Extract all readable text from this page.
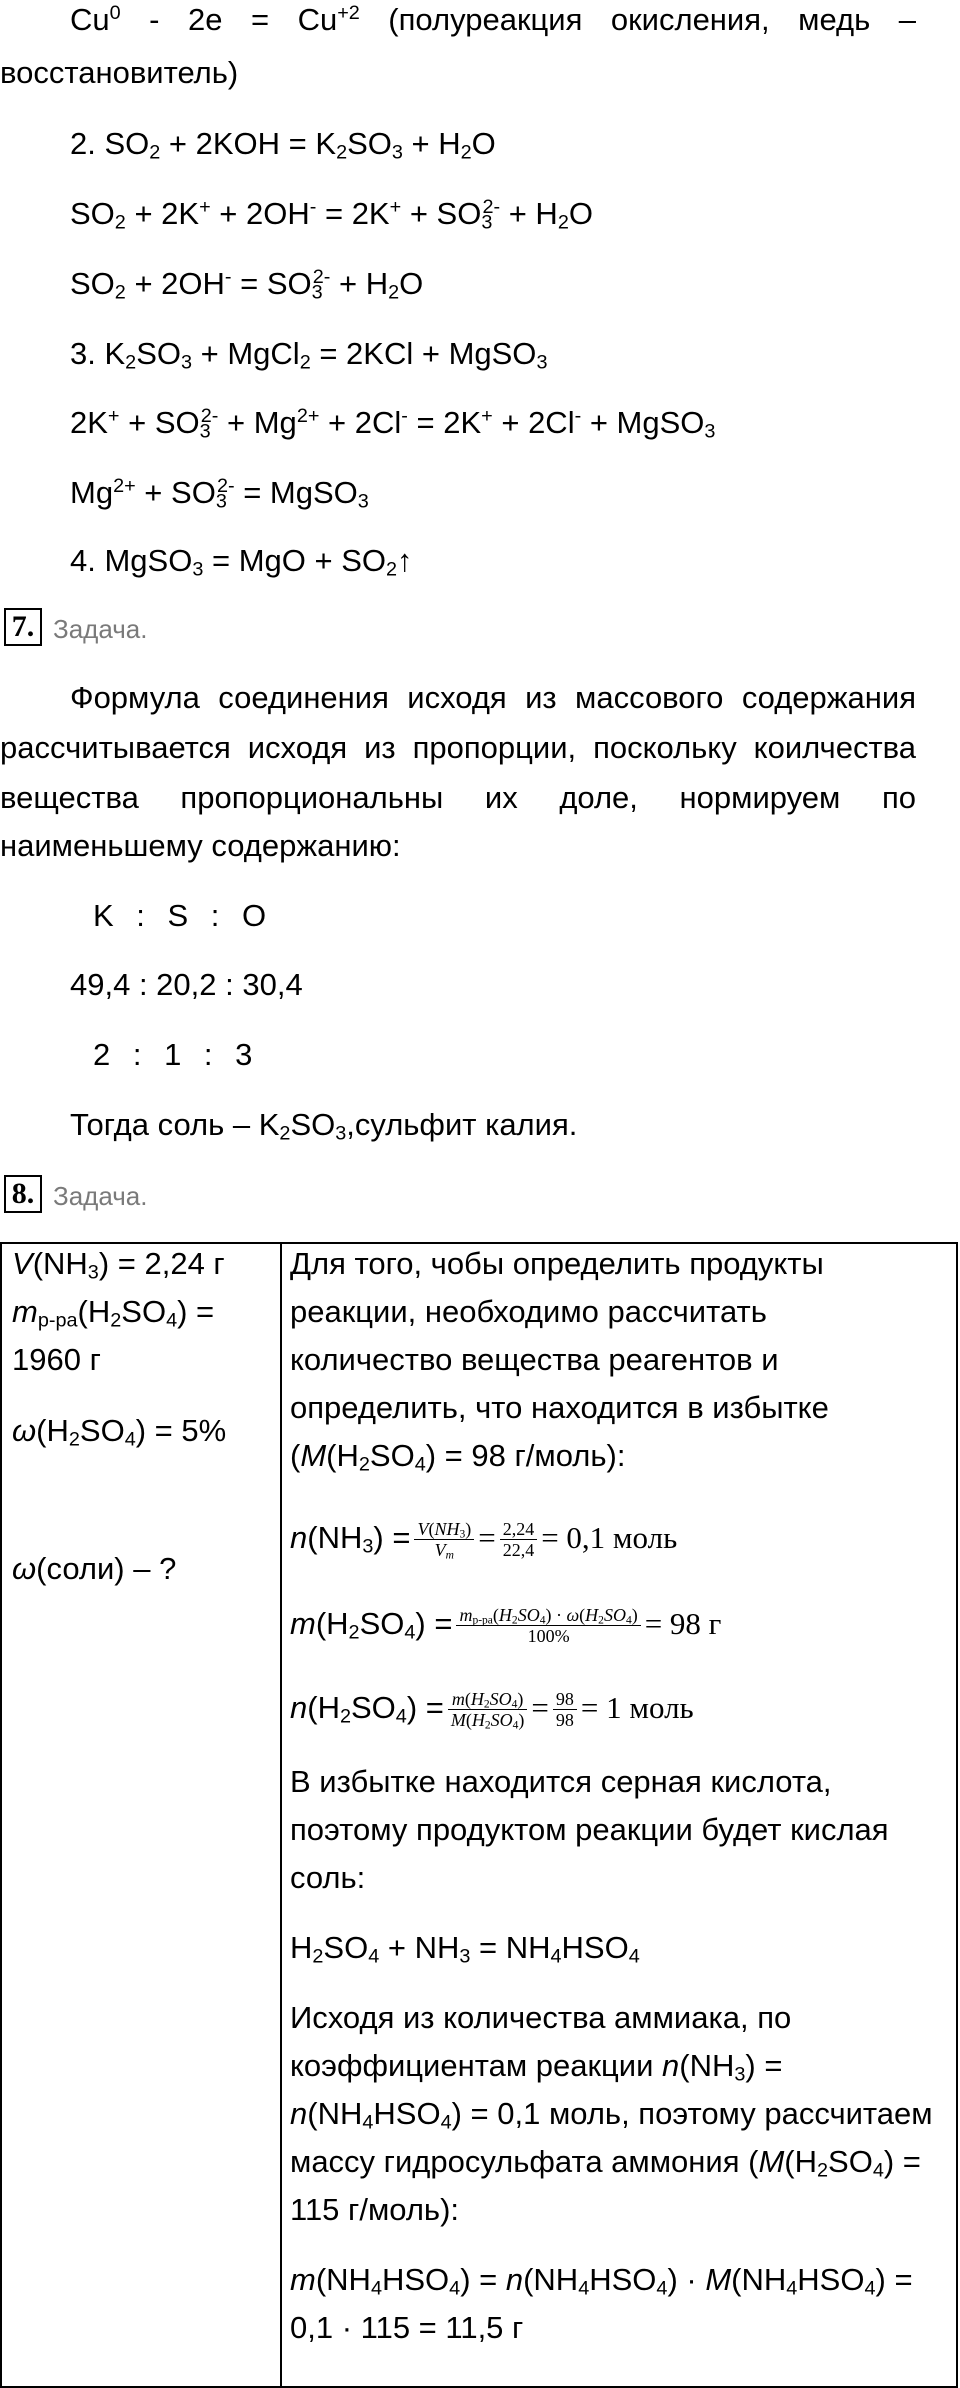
$Cu^0 - 2e = Cu^{+2}$ (полуреакция окисления, медь –
восстановитель)
2. $SO_2 + 2KOH = K_2SO_3 + H_2O$
$SO_2 + 2K^+ + 2OH^- = 2K^+ + SO_3^{2-} + H_2O$
$SO_2 + 2OH^- = SO_3^{2-} + H_2O$
3. $K_2SO_3$ + MgCl$_2$ = 2KCl + MgSO$_3$
$2K^+ + SO_3^{2-} + Mg^{2+} + 2Cl^- = 2K^+ + 2Cl^-$ + MgSO$_3$
$Mg^{2+} + SO_3^{2-}$ = MgSO$_3$
4. MgSO$_3$ = MgO + $SO_2↑$
7. Задача.
Формула соединения исходя из массового содержания
рассчитывается исходя из пропорции, поскольку коилчества
вещества пропорциональны их доле, нормируем по
наименьшему содержанию:
K : S : O
49,4 : 20,2 : 30,4
2 : 1 : 3
Тогда соль – $K_2SO_3,сульфит$ калия.
8. Задача.
$V(NH_3) = 2,24$ г
$m_{р-ра}(H_2SO_4)$ =
1960 г
$\omega(H_2SO_4) = 5\%$
ω(соли) – ?
Для того, чобы определить продукты
реакции, необходимо рассчитать
количество вещества реагентов и
определить, что находится в избытке
($M(H_2SO_4) = 98$ г/моль):
$n(NH_3) = \frac{V(NH_3)}{V_m} = \frac{2,24}{22,4} = 0,1$ моль
$m(H_2SO_4) = \frac{m_{р-ра}(H_2SO_4) \cdot \omega(H_2SO_4)}{100\%} = 98$ г
$n(H_2SO_4) = \frac{m(H_2SO_4)}{M(H_2SO_4)} = \frac{98}{98} = 1$ моль
В избытке находится серная кислота,
поэтому продуктом реакции будет кислая
соль:
$H_2SO_4 + NH_3 = NH_4HSO_4$
Исходя из количества аммиака, по
коэффициентам реакции $n(NH_3)$ =
$n(NH_4HSO_4) = 0,1$ моль, поэтому рассчитаем
массу гидросульфата аммония ($M(H_2SO_4)$ =
115 г/моль):
$m(NH_4HSO_4) = n(NH_4HSO_4) \cdot M(NH_4HSO_4)$ =
0,1 · 115 = 11,5 г
